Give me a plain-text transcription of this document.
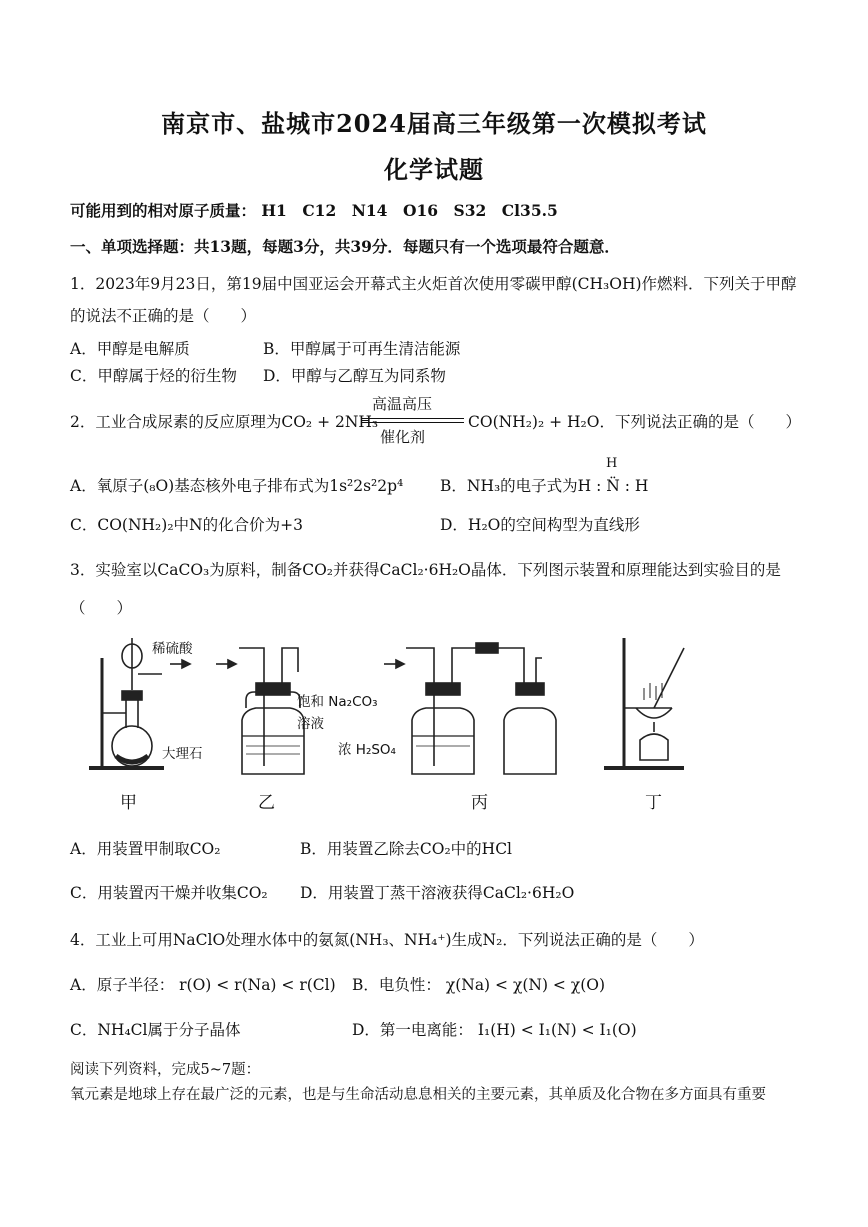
南京市、盐城市2024届高三年级第一次模拟考试
化学试题
可能用到的相对原子质量： H1　C12　N14　O16　S32　Cl35.5
一、单项选择题：共13题，每题3分，共39分．每题只有一个选项最符合题意．
1．2023年9月23日，第19届中国亚运会开幕式主火炬首次使用零碳甲醇(CH₃OH)作燃料．下列关于甲醇
的说法不正确的是（　　）
A．甲醇是电解质	B．甲醇属于可再生清洁能源
C．甲醇属于烃的衍生物 D．甲醇与乙醇互为同系物
2．工业合成尿素的反应原理为CO₂ + 2NH₃
高温高压
催化剂
CO(NH₂)₂ + H₂O．下列说法正确的是（　　）
A．氧原子(₈O)基态核外电子排布式为1s²2s²2p⁴
H
B．NH₃的电子式为H : N̈ : H
C．CO(NH₂)₂中N的化合价为+3	D．H₂O的空间构型为直线形
3．实验室以CaCO₃为原料，制备CO₂并获得CaCl₂·6H₂O晶体．下列图示装置和原理能达到实验目的是
（　　）
稀硫酸
大理石
饱和 Na₂CO₃
溶液
浓 H₂SO₄
甲	乙	丙	丁
A．用装置甲制取CO₂	B．用装置乙除去CO₂中的HCl
C．用装置丙干燥并收集CO₂ D．用装置丁蒸干溶液获得CaCl₂·6H₂O
4．工业上可用NaClO处理水体中的氨氮(NH₃、NH₄⁺)生成N₂．下列说法正确的是（　　）
A．原子半径： r(O) < r(Na) < r(Cl) B．电负性： χ(Na) < χ(N) < χ(O)
C．NH₄Cl属于分子晶体	D．第一电离能： I₁(H) < I₁(N) < I₁(O)
阅读下列资料，完成5~7题：
氧元素是地球上存在最广泛的元素，也是与生命活动息息相关的主要元素，其单质及化合物在多方面具有重要
